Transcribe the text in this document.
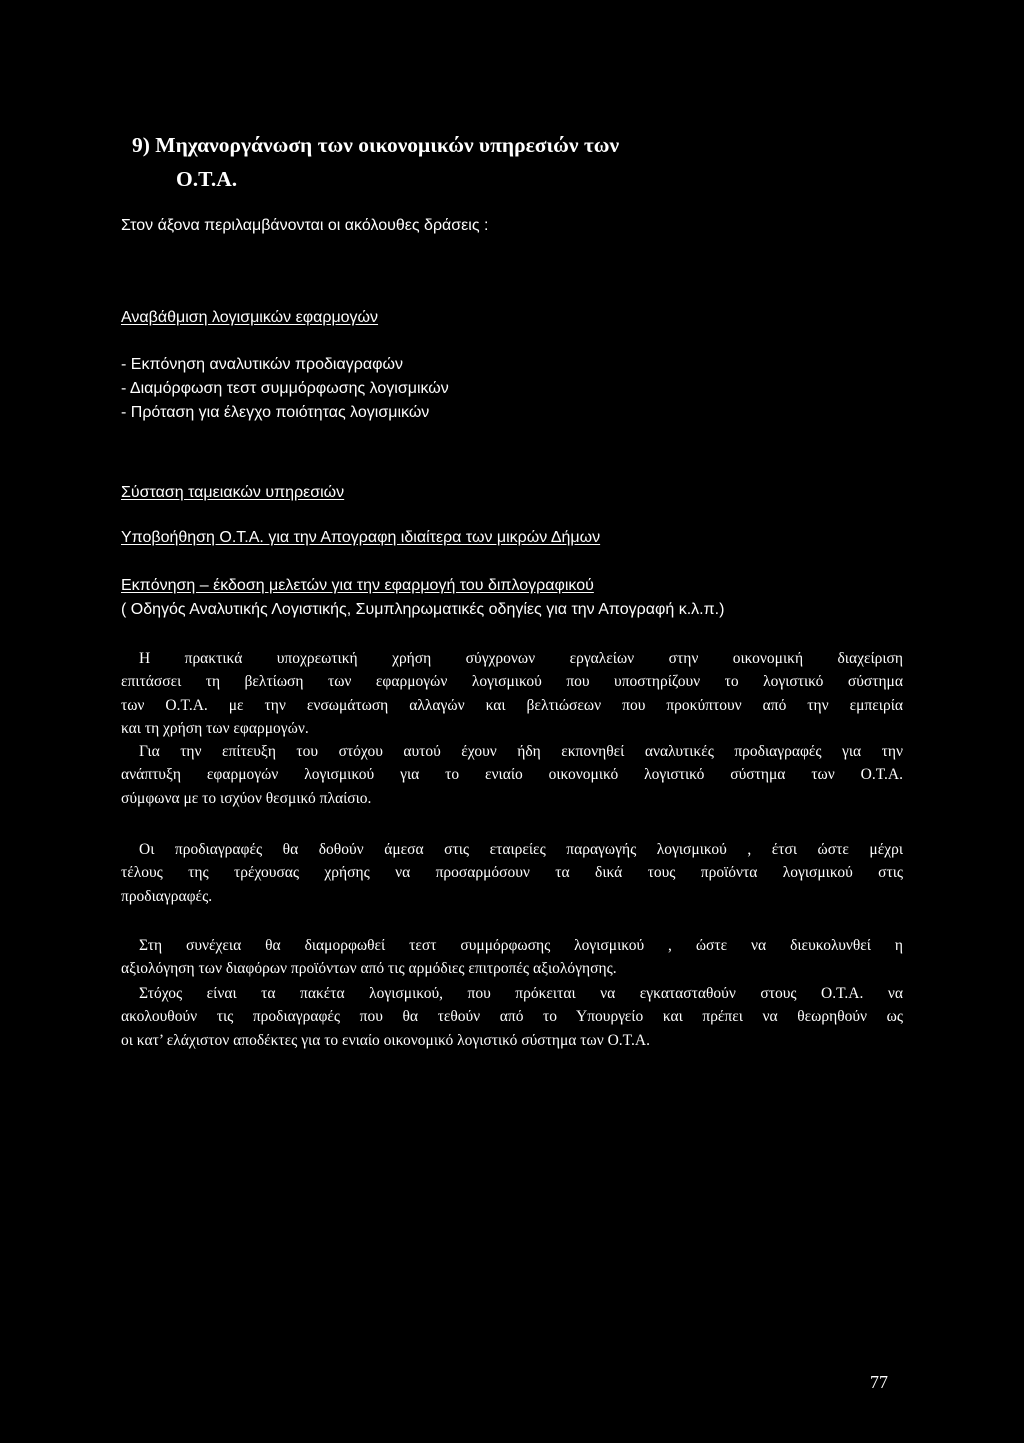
9) Μηχανοργάνωση των οικονομικών υπηρεσιών των
Ο.Τ.Α.
Στον άξονα περιλαμβάνονται οι ακόλουθες δράσεις :
Αναβάθμιση λογισμικών εφαρμογών
- Εκπόνηση αναλυτικών προδιαγραφών
- Διαμόρφωση τεστ συμμόρφωσης λογισμικών
- Πρόταση για έλεγχο ποιότητας λογισμικών
Σύσταση ταμειακών υπηρεσιών
Υποβοήθηση Ο.Τ.Α. για την Απογραφη ιδιαίτερα των μικρών Δήμων
Εκπόνηση – έκδοση μελετών για την εφαρμογή του διπλογραφικού
( Οδηγός Αναλυτικής Λογιστικής, Συμπληρωματικές οδηγίες για την Απογραφή κ.λ.π.)
Η πρακτικά υποχρεωτική χρήση σύγχρονων εργαλείων στην οικονομική διαχείριση
επιτάσσει τη βελτίωση των εφαρμογών λογισμικού που υποστηρίζουν το λογιστικό σύστημα
των Ο.Τ.Α. με την ενσωμάτωση αλλαγών και βελτιώσεων που προκύπτουν από την εμπειρία
και τη χρήση των εφαρμογών.
Για την επίτευξη του στόχου αυτού έχουν ήδη εκπονηθεί αναλυτικές προδιαγραφές για την
ανάπτυξη εφαρμογών λογισμικού για το ενιαίο οικονομικό λογιστικό σύστημα των Ο.Τ.Α.
σύμφωνα με το ισχύον θεσμικό πλαίσιο.
Οι προδιαγραφές θα δοθούν άμεσα στις εταιρείες παραγωγής λογισμικού , έτσι ώστε μέχρι
τέλους της τρέχουσας χρήσης να προσαρμόσουν τα δικά τους προϊόντα λογισμικού στις
προδιαγραφές.
Στη συνέχεια θα διαμορφωθεί τεστ συμμόρφωσης λογισμικού , ώστε να διευκολυνθεί η
αξιολόγηση των διαφόρων προϊόντων από τις αρμόδιες επιτροπές αξιολόγησης.
Στόχος είναι τα πακέτα λογισμικού, που πρόκειται να εγκατασταθούν στους Ο.Τ.Α. να
ακολουθούν τις προδιαγραφές που θα τεθούν από το Υπουργείο και πρέπει να θεωρηθούν ως
οι κατ’ ελάχιστον αποδέκτες για το ενιαίο οικονομικό λογιστικό σύστημα των Ο.Τ.Α.
77
